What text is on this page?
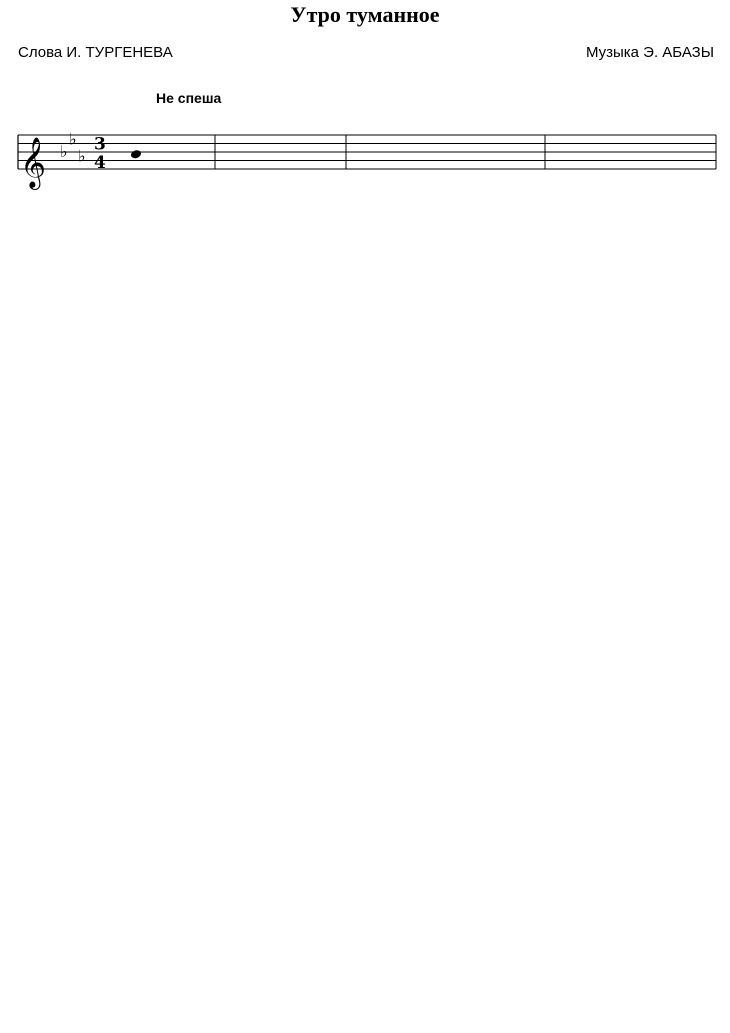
Утро туманное
Слова И. ТУРГЕНЕВА	Музыка Э. АБАЗЫ
Не спеша
𝄞 ♭
♭
♭
3
4
